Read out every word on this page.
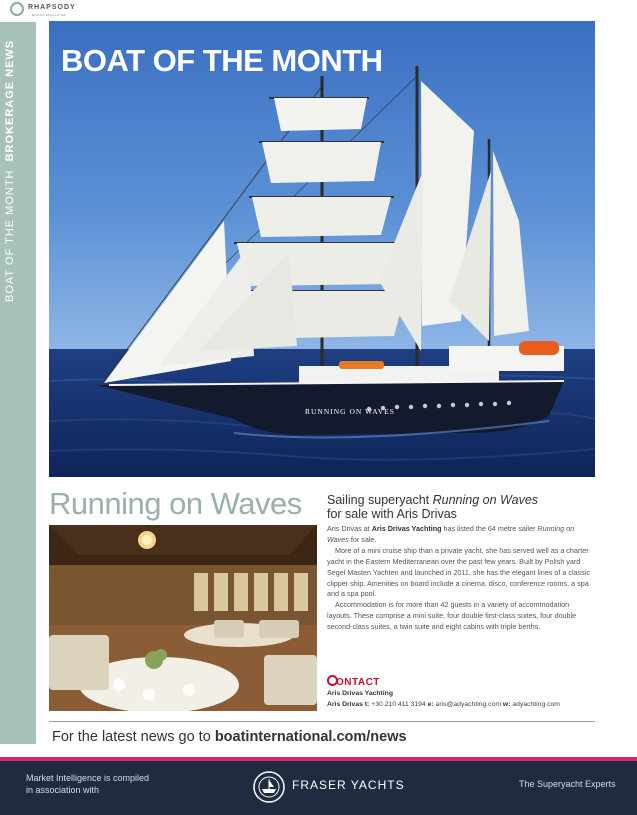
RHAPSODY
BRAND MAGAZINE
BOAT OF THE MONTH BROKERAGE NEWS
RUNNING ON WAVES
BOAT OF THE MONTH
Running on Waves Sailing superyacht Running on Waves
for sale with Aris Drivas

Aris Drivas at Aris Drivas Yachting has listed the 64 metre sailer Running on Waves for sale.

More of a mini cruise ship than a private yacht, she has served well as a charter yacht in the Eastern Mediterranean over the past few years. Built by Polish yard Segel Masten Yachten and launched in 2011, she has the elegant lines of a classic clipper ship. Amenities on board include a cinema, disco, conference rooms, a spa and a spa pool.

Accommodation is for more than 42 guests in a variety of accommodation layouts. These comprise a mini suite, four double first-class suites, four double second-class suites, a twin suite and eight cabins with triple berths.

ONTACT
Aris Drivas Yachting
Aris Drivas t: +30 210 411 3194 e: aris@adyachting.com w: adyachting.com
For the latest news go to boatinternational.com/news
Market Intelligence is compiled
in association with	FRASER YACHTS	The Superyacht Experts
